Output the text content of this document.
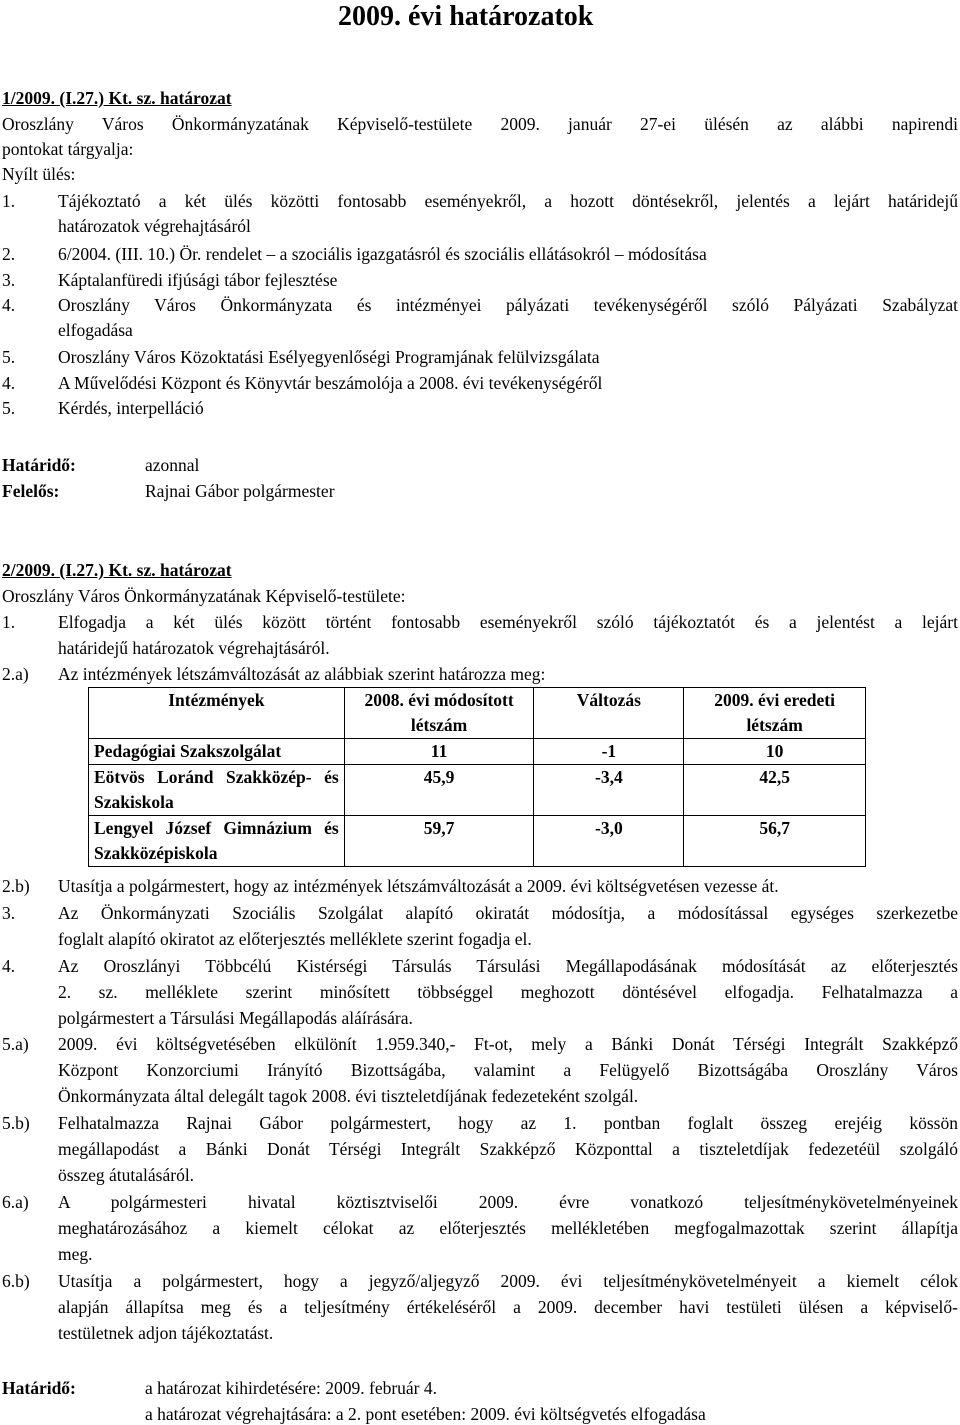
2009. évi határozatok
1/2009. (I.27.) Kt. sz. határozat
Oroszlány Város Önkormányzatának Képviselő-testülete 2009. január 27-ei ülésén az alábbi napirendi
pontokat tárgyalja:
Nyílt ülés:
1. Tájékoztató a két ülés közötti fontosabb eseményekről, a hozott döntésekről, jelentés a lejárt határidejű
határozatok végrehajtásáról
2. 6/2004. (III. 10.) Ör. rendelet – a szociális igazgatásról és szociális ellátásokról – módosítása
3. Káptalanfüredi ifjúsági tábor fejlesztése
4. Oroszlány Város Önkormányzata és intézményei pályázati tevékenységéről szóló Pályázati Szabályzat
elfogadása
5. Oroszlány Város Közoktatási Esélyegyenlőségi Programjának felülvizsgálata
4. A Művelődési Központ és Könyvtár beszámolója a 2008. évi tevékenységéről
5. Kérdés, interpelláció
Határidő:	azonnal
Felelős:	Rajnai Gábor polgármester
2/2009. (I.27.) Kt. sz. határozat
Oroszlány Város Önkormányzatának Képviselő-testülete:
1. Elfogadja a két ülés között történt fontosabb eseményekről szóló tájékoztatót és a jelentést a lejárt
határidejű határozatok végrehajtásáról.
2.a) Az intézmények létszámváltozását az alábbiak szerint határozza meg:
Intézmények	2008. évi módosított létszám	Változás	2009. évi eredeti létszám
Pedagógiai Szakszolgálat	11	-1	10
Eötvös Loránd Szakközép- és Szakiskola	45,9	-3,4	42,5
Lengyel József Gimnázium és Szakközépiskola	59,7	-3,0	56,7
2.b) Utasítja a polgármestert, hogy az intézmények létszámváltozását a 2009. évi költségvetésen vezesse át.
3. Az Önkormányzati Szociális Szolgálat alapító okiratát módosítja, a módosítással egységes szerkezetbe
foglalt alapító okiratot az előterjesztés melléklete szerint fogadja el.
4. Az Oroszlányi Többcélú Kistérségi Társulás Társulási Megállapodásának módosítását az előterjesztés
2. sz. melléklete szerint minősített többséggel meghozott döntésével elfogadja. Felhatalmazza a
polgármestert a Társulási Megállapodás aláírására.
5.a) 2009. évi költségvetésében elkülönít 1.959.340,- Ft-ot, mely a Bánki Donát Térségi Integrált Szakképző
Központ Konzorciumi Irányító Bizottságába, valamint a Felügyelő Bizottságába Oroszlány Város
Önkormányzata által delegált tagok 2008. évi tiszteletdíjának fedezeteként szolgál.
5.b) Felhatalmazza Rajnai Gábor polgármestert, hogy az 1. pontban foglalt összeg erejéig kössön
megállapodást a Bánki Donát Térségi Integrált Szakképző Központtal a tiszteletdíjak fedezetéül szolgáló
összeg átutalásáról.
6.a) A polgármesteri hivatal köztisztviselői 2009. évre vonatkozó teljesítménykövetelményeinek
meghatározásához a kiemelt célokat az előterjesztés mellékletében megfogalmazottak szerint állapítja
meg.
6.b) Utasítja a polgármestert, hogy a jegyző/aljegyző 2009. évi teljesítménykövetelményeit a kiemelt célok
alapján állapítsa meg és a teljesítmény értékeléséről a 2009. december havi testületi ülésen a képviselő-
testületnek adjon tájékoztatást.
Határidő:	a határozat kihirdetésére: 2009. február 4.
a határozat végrehajtására: a 2. pont esetében: 2009. évi költségvetés elfogadása
